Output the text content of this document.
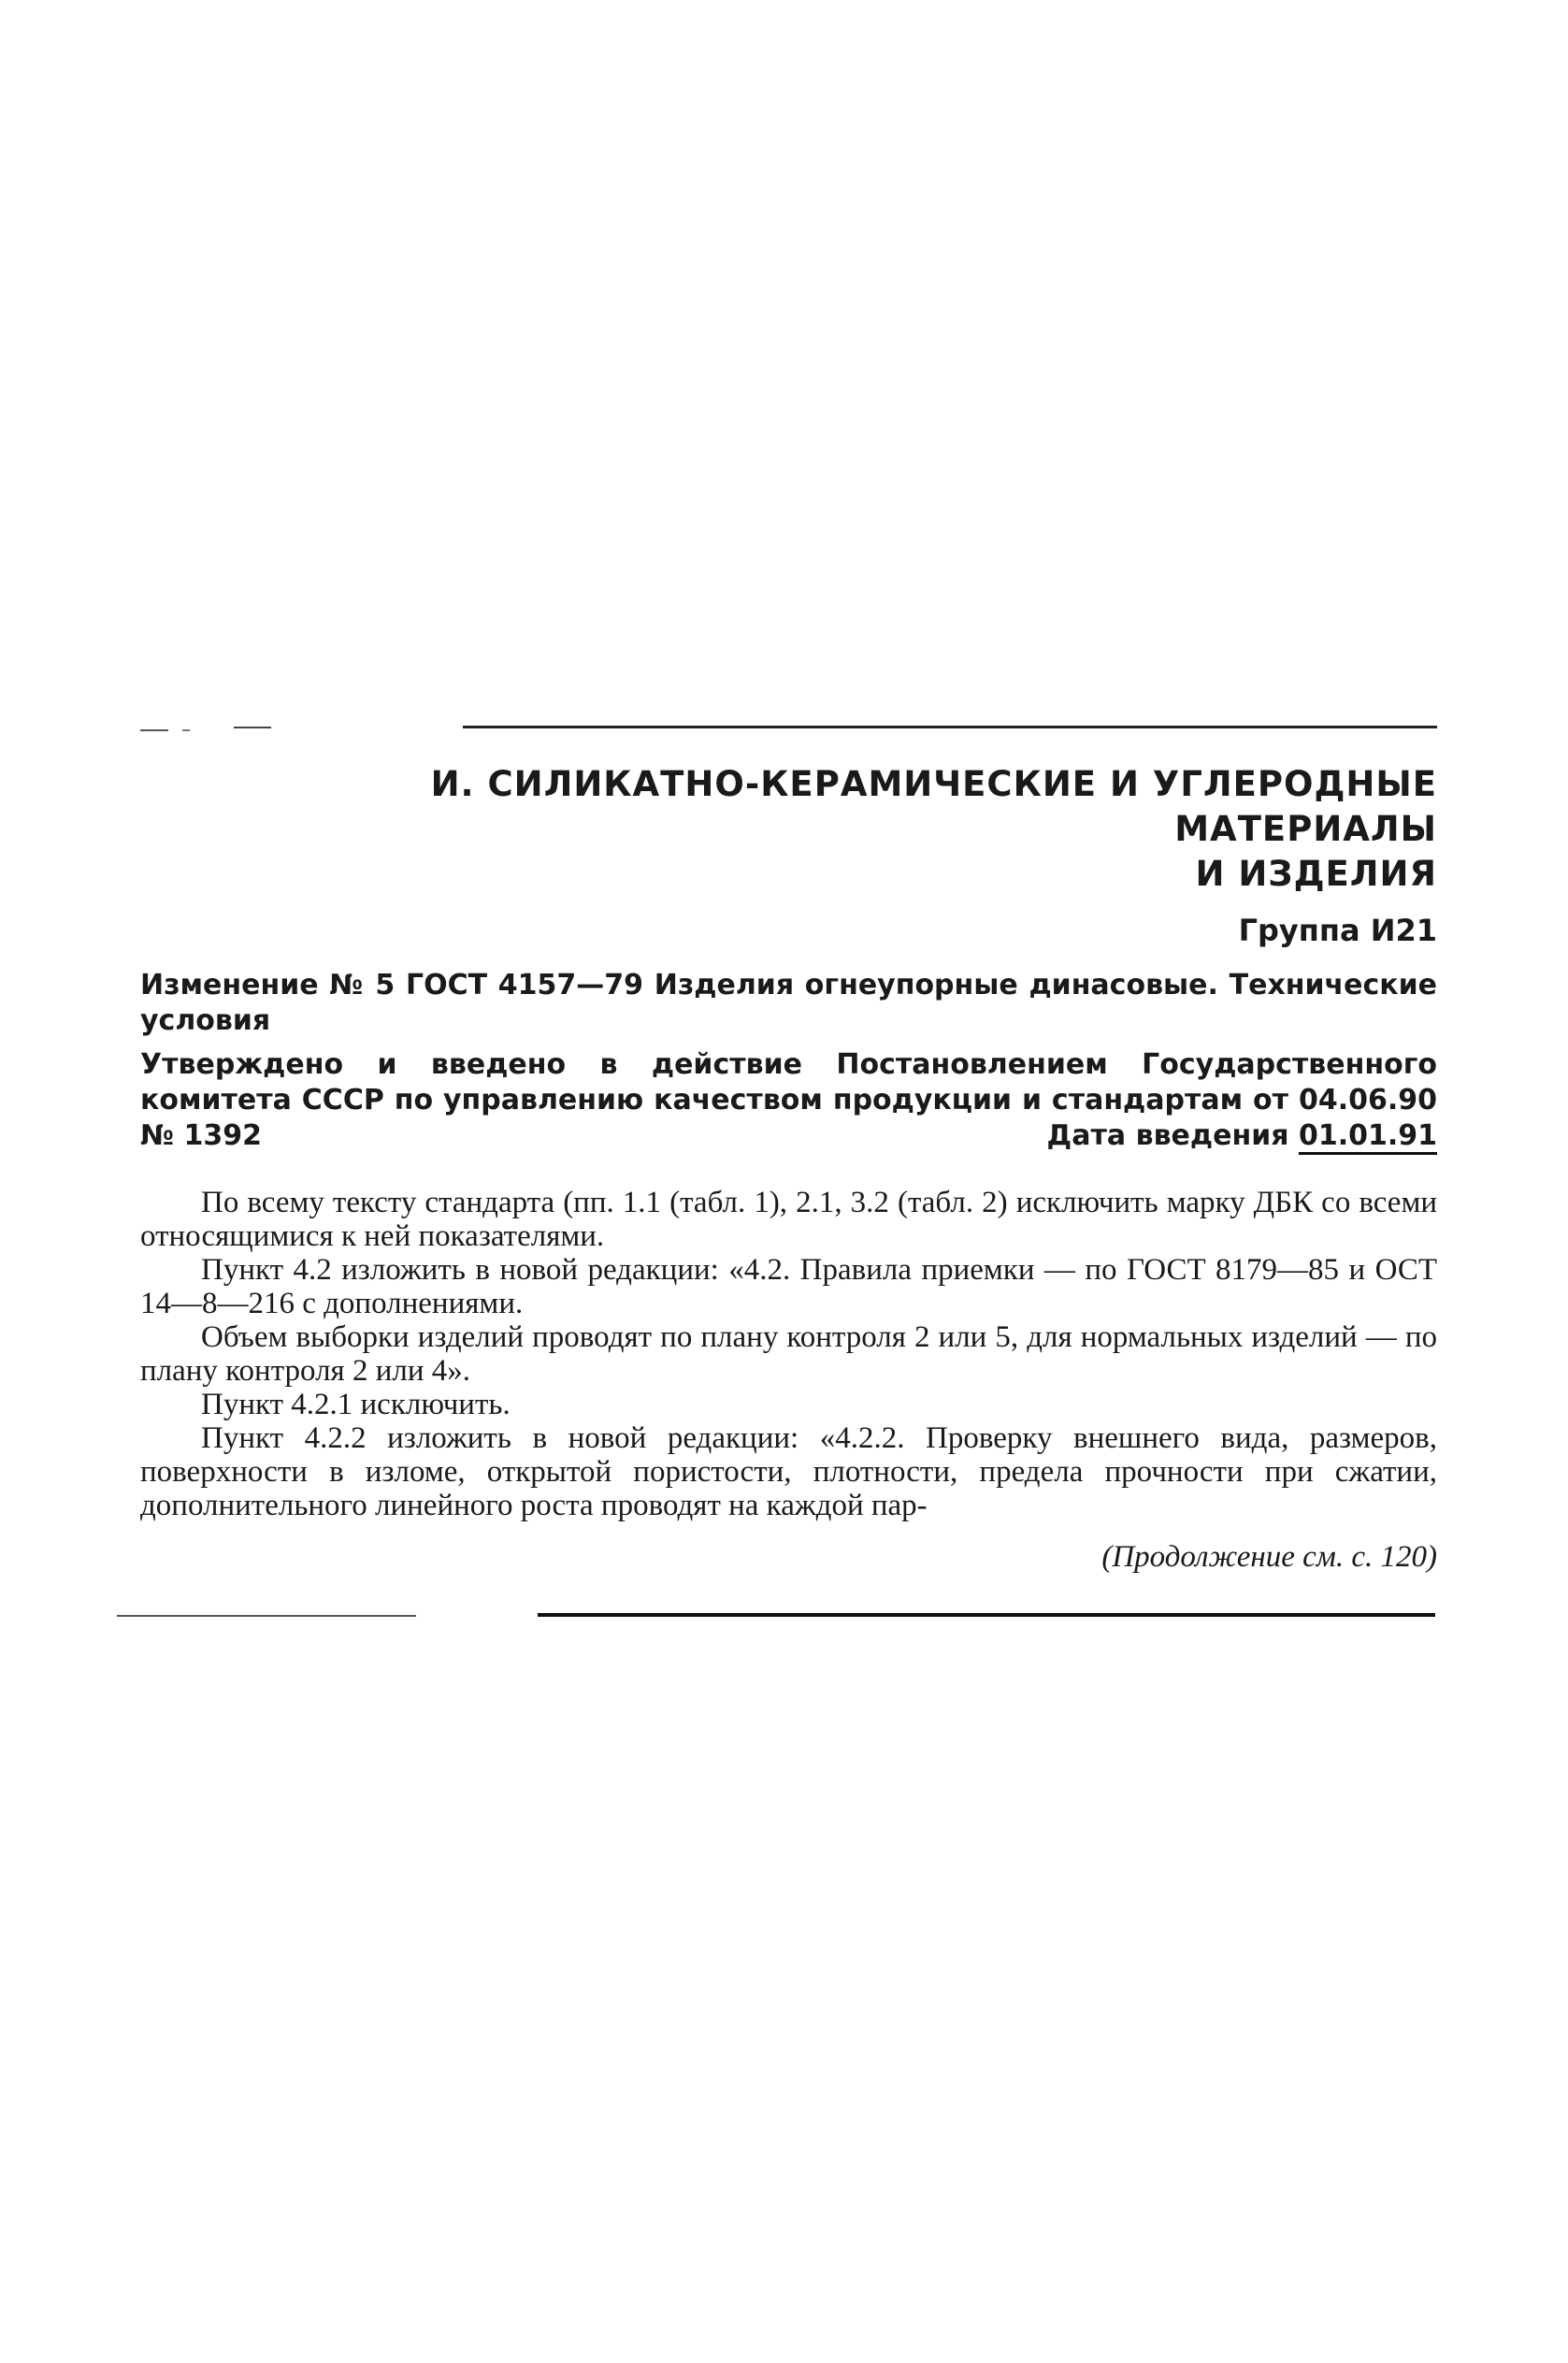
И. СИЛИКАТНО-КЕРАМИЧЕСКИЕ И УГЛЕРОДНЫЕ МАТЕРИАЛЫ
И ИЗДЕЛИЯ

Группа И21

Изменение № 5 ГОСТ 4157—79 Изделия огнеупорные динасовые. Технические условия

Утверждено и введено в действие Постановлением Государственного комитета СССР по управлению качеством продукции и стандартам от 04.06.90 № 1392	Дата введения 01.01.91

По всему тексту стандарта (пп. 1.1 (табл. 1), 2.1, 3.2 (табл. 2) исключить марку ДБК со всеми относящимися к ней показателями.

Пункт 4.2 изложить в новой редакции: «4.2. Правила приемки — по ГОСТ 8179—85 и ОСТ 14—8—216 с дополнениями.

Объем выборки изделий проводят по плану контроля 2 или 5, для нормальных изделий — по плану контроля 2 или 4».

Пункт 4.2.1 исключить.

Пункт 4.2.2 изложить в новой редакции: «4.2.2. Проверку внешнего вида, размеров, поверхности в изломе, открытой пористости, плотности, предела прочности при сжатии, дополнительного линейного роста проводят на каждой пар-

(Продолжение см. с. 120)
